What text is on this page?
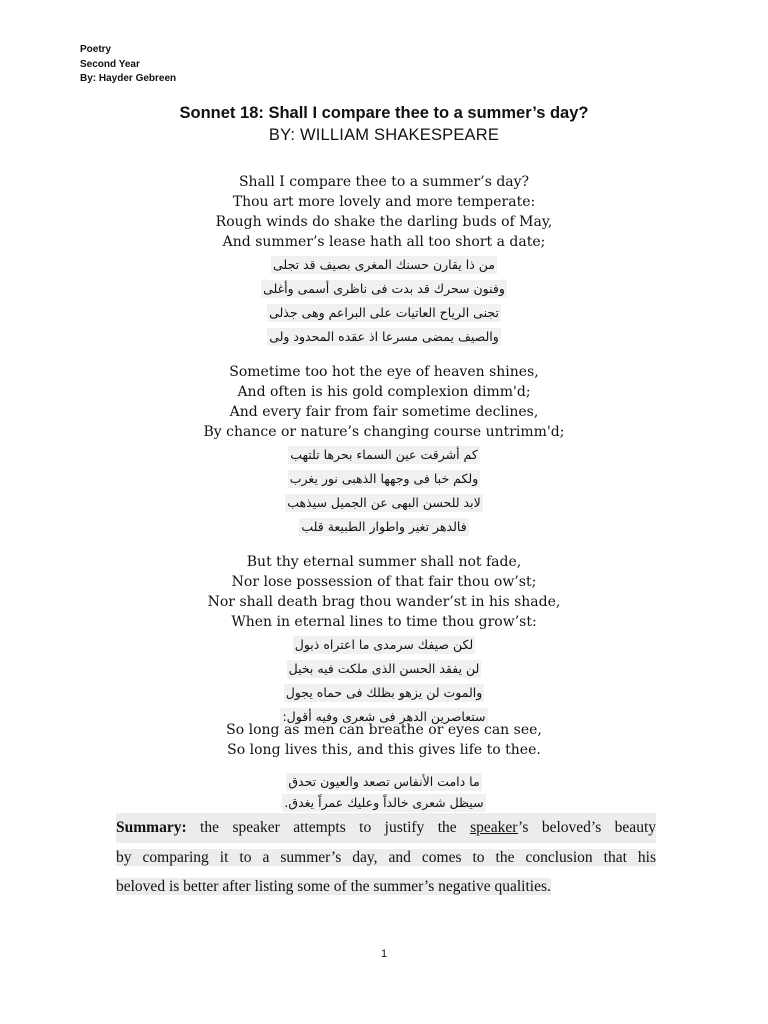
Poetry
Second Year
By: Hayder Gebreen
Sonnet 18: Shall I compare thee to a summer’s day?
BY: WILLIAM SHAKESPEARE
Shall I compare thee to a summer’s day?
Thou art more lovely and more temperate:
Rough winds do shake the darling buds of May,
And summer’s lease hath all too short a date;
من ذا يقارن حسنك المغرى بصيف قد تجلى
وفنون سحرك قد بدت فى ناظرى أسمى وأغلى
تجنى الرياح العاتيات على البراعم وهى جذلى
والصيف يمضى مسرعا اذ عقده المحدود ولى
Sometime too hot the eye of heaven shines,
And often is his gold complexion dimm'd;
And every fair from fair sometime declines,
By chance or nature’s changing course untrimm'd;
كم أشرقت عين السماء بحرها تلتهب
ولكم خبا فى وجهها الذهبى نور يغرب
لابد للحسن البهى عن الجميل سيذهب
فالدهر تغير واطوار الطبيعة قلب
But thy eternal summer shall not fade,
Nor lose possession of that fair thou ow’st;
Nor shall death brag thou wander’st in his shade,
When in eternal lines to time thou grow’st:
لكن صيفك سرمدى ما اعتراه ذبول
لن يفقد الحسن الذى ملكت فيه بخيل
والموت لن يزهو بظلك فى حماه يجول
ستعاصرين الدهر فى شعرى وفيه أقول:
So long as men can breathe or eyes can see,
So long lives this, and this gives life to thee.
ما دامت الأنفاس تصعد والعيون تحدق
سيظل شعرى خالداً وعليك عمراً يغدق.
Summary: the speaker attempts to justify the speaker’s beloved’s beauty
by comparing it to a summer’s day, and comes to the conclusion that his
beloved is better after listing some of the summer’s negative qualities.
1
